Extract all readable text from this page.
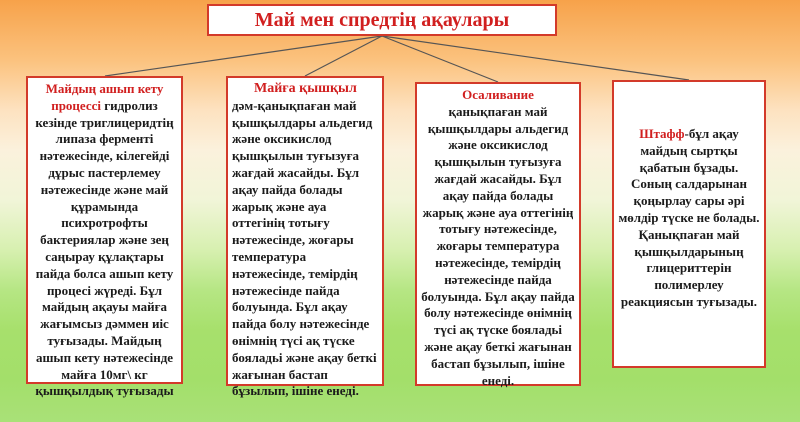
Май мен спредтің ақаулары
Майдың ашып кету процессі гидролиз кезінде триглицеридтің липаза ферменті нәтежесінде, кілегейді дұрыс пастерлемеу нәтежесінде және май құрамында психротрофты бактериялар және зең саңырау құлақтары пайда болса ашып кету процесі жүреді. Бұл майдың ақауы майға жағымсыз дәммен иіс туғызады. Майдың ашып кету нәтежесінде майға 10мг\ кг қышқылдық туғызады
Майға қышқыл
дәм-қанықпаған май қышқылдары альдегид және оксикислод қышқылын туғызуға жағдай жасайды. Бұл ақау пайда болады жарық және ауа оттегінің тотығу нәтежесінде, жоғары температура нәтежесінде, темірдің нәтежесінде пайда болуында. Бұл ақау пайда болу нәтежесінде өнімнің түсі ақ түске бояладьі және ақау беткі жағынан бастап бұзылып, ішіне енеді.
Осаливание
қанықпаған май қышқылдары альдегид және оксикислод қышқылын туғызуға жағдай жасайды. Бұл ақау пайда болады жарық және ауа оттегінің тотығу нәтежесінде, жоғары температура нәтежесінде, темірдің нәтежесінде пайда болуында. Бұл ақау пайда болу нәтежесінде өнімнің түсі ақ түске бояладьі және ақау беткі жағынан бастап бұзылып, ішіне енеді.
Штафф-бұл ақау майдың сыртқы қабатын бұзады. Соның салдарынан қоңырлау сары әрі мөлдір түске не болады. Қанықпаған май қышқылдарының глицериттерін полимерлеу реакциясын туғызады.
